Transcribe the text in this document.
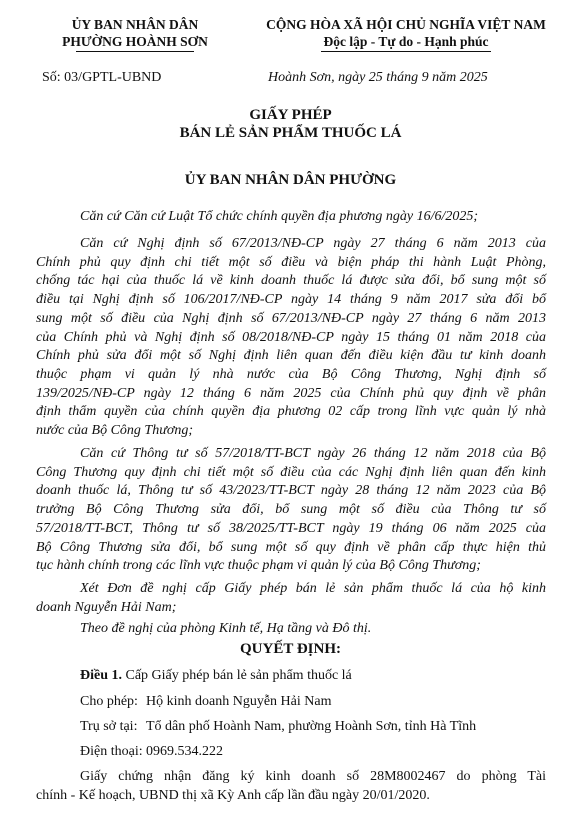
ỦY BAN NHÂN DÂN
PHƯỜNG HOÀNH SƠN
CỘNG HÒA XÃ HỘI CHỦ NGHĨA VIỆT NAM
Độc lập - Tự do - Hạnh phúc
Số: 03/GPTL-UBND	Hoành Sơn, ngày 25 tháng 9 năm 2025
GIẤY PHÉP
BÁN LẺ SẢN PHẨM THUỐC LÁ
ỦY BAN NHÂN DÂN PHƯỜNG
Căn cứ Căn cứ Luật Tổ chức chính quyền địa phương ngày 16/6/2025;
Căn cứ Nghị định số 67/2013/NĐ-CP ngày 27 tháng 6 năm 2013 của
Chính phủ quy định chi tiết một số điều và biện pháp thi hành Luật Phòng,
chống tác hại của thuốc lá về kinh doanh thuốc lá được sửa đổi, bổ sung một số
điều tại Nghị định số 106/2017/NĐ-CP ngày 14 tháng 9 năm 2017 sửa đổi bổ
sung một số điều của Nghị định số 67/2013/NĐ-CP ngày 27 tháng 6 năm 2013
của Chính phủ và Nghị định số 08/2018/NĐ-CP ngày 15 tháng 01 năm 2018 của
Chính phủ sửa đổi một số Nghị định liên quan đến điều kiện đầu tư kinh doanh
thuộc phạm vi quản lý nhà nước của Bộ Công Thương, Nghị định số
139/2025/NĐ-CP ngày 12 tháng 6 năm 2025 của Chính phủ quy định về phân
định thẩm quyền của chính quyền địa phương 02 cấp trong lĩnh vực quản lý nhà
nước của Bộ Công Thương;
Căn cứ Thông tư số 57/2018/TT-BCT ngày 26 tháng 12 năm 2018 của Bộ
Công Thương quy định chi tiết một số điều của các Nghị định liên quan đến kinh
doanh thuốc lá, Thông tư số 43/2023/TT-BCT ngày 28 tháng 12 năm 2023 của Bộ
trưởng Bộ Công Thương sửa đổi, bổ sung một số điều của Thông tư số
57/2018/TT-BCT, Thông tư số 38/2025/TT-BCT ngày 19 tháng 06 năm 2025 của
Bộ Công Thương sửa đổi, bổ sung một số quy định về phân cấp thực hiện thủ
tục hành chính trong các lĩnh vực thuộc phạm vi quản lý của Bộ Công Thương;
Xét Đơn đề nghị cấp Giấy phép bán lẻ sản phẩm thuốc lá của hộ kinh
doanh Nguyễn Hải Nam;
Theo đề nghị của phòng Kinh tế, Hạ tầng và Đô thị.
QUYẾT ĐỊNH:
Điều 1. Cấp Giấy phép bán lẻ sản phẩm thuốc lá
Cho phép: Hộ kinh doanh Nguyễn Hải Nam
Trụ sở tại: Tổ dân phố Hoành Nam, phường Hoành Sơn, tỉnh Hà Tĩnh
Điện thoại: 0969.534.222
Giấy chứng nhận đăng ký kinh doanh số 28M8002467 do phòng Tài
chính - Kế hoạch, UBND thị xã Kỳ Anh cấp lần đầu ngày 20/01/2020.
